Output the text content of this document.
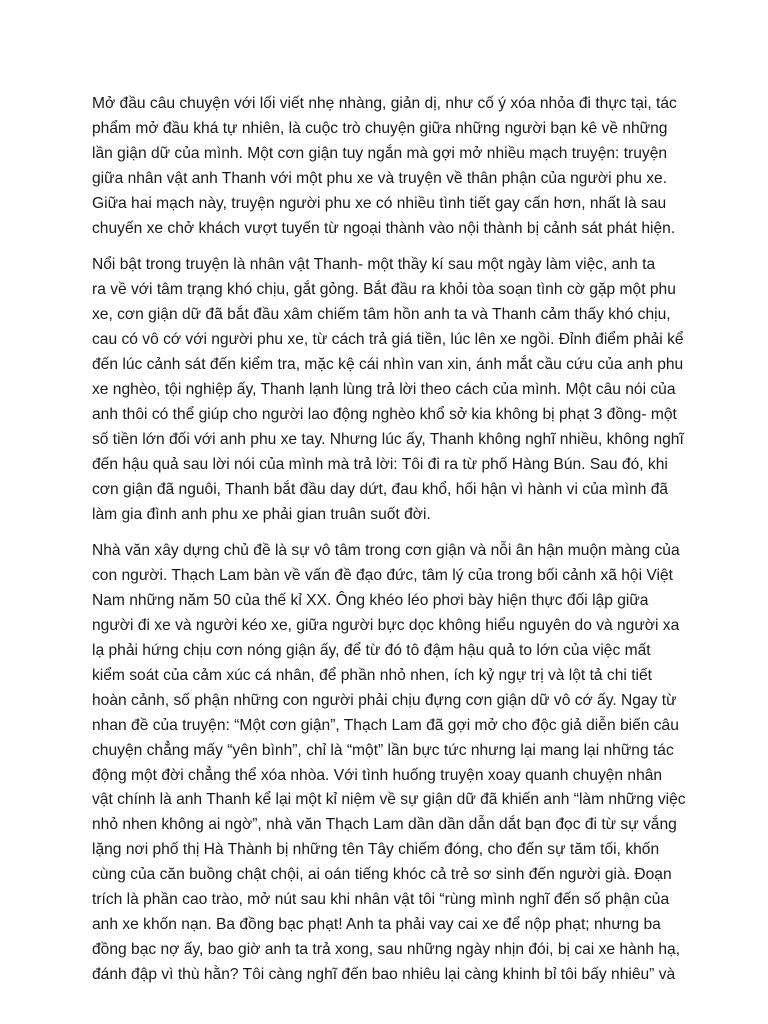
Mở đầu câu chuyện với lối viết nhẹ nhàng, giản dị, như cố ý xóa nhỏa đi thực tại, tác
phẩm mở đầu khá tự nhiên, là cuộc trò chuyện giữa những người bạn kê về những
lần giận dữ của mình. Một cơn giận tuy ngắn mà gợi mở nhiều mạch truyện: truyện
giữa nhân vật anh Thanh với một phu xe và truyện về thân phận của người phu xe.
Giữa hai mạch này, truyện người phu xe có nhiều tình tiết gay cấn hơn, nhất là sau
chuyến xe chở khách vượt tuyến từ ngoại thành vào nội thành bị cảnh sát phát hiện.

Nổi bật trong truyện là nhân vật Thanh- một thầy kí sau một ngày làm việc, anh ta
ra về với tâm trạng khó chịu, gắt gỏng. Bắt đầu ra khỏi tòa soạn tình cờ gặp một phu
xe, cơn giận dữ đã bắt đầu xâm chiếm tâm hồn anh ta và Thanh cảm thấy khó chịu,
cau có vô cớ với người phu xe, từ cách trả giá tiền, lúc lên xe ngồi. Đỉnh điểm phải kể
đến lúc cảnh sát đến kiểm tra, mặc kệ cái nhìn van xin, ánh mắt cầu cứu của anh phu
xe nghèo, tội nghiệp ấy, Thanh lạnh lùng trả lời theo cách của mình. Một câu nói của
anh thôi có thể giúp cho người lao động nghèo khổ sở kia không bị phạt 3 đồng- một
số tiền lớn đối với anh phu xe tay. Nhưng lúc ấy, Thanh không nghĩ nhiều, không nghĩ
đến hậu quả sau lời nói của mình mà trả lời: Tôi đi ra từ phố Hàng Bún. Sau đó, khi
cơn giận đã nguôi, Thanh bắt đầu day dứt, đau khổ, hối hận vì hành vi của mình đã
làm gia đình anh phu xe phải gian truân suốt đời.

Nhà văn xây dựng chủ đề là sự vô tâm trong cơn giận và nỗi ân hận muộn màng của
con người. Thạch Lam bàn về vấn đề đạo đức, tâm lý của trong bối cảnh xã hội Việt
Nam những năm 50 của thế kỉ XX. Ông khéo léo phơi bày hiện thực đối lập giữa
người đi xe và người kéo xe, giữa người bực dọc không hiểu nguyên do và người xa
lạ phải hứng chịu cơn nóng giận ấy, để từ đó tô đậm hậu quả to lớn của việc mất
kiểm soát của cảm xúc cá nhân, để phần nhỏ nhen, ích kỷ ngự trị và lột tả chi tiết
hoàn cảnh, số phận những con người phải chịu đựng cơn giận dữ vô cớ ấy. Ngay từ
nhan đề của truyện: “Một cơn giận”, Thạch Lam đã gợi mở cho độc giả diễn biến câu
chuyện chẳng mấy “yên bình”, chỉ là “một” lần bực tức nhưng lại mang lại những tác
động một đời chẳng thể xóa nhòa. Với tình huống truyện xoay quanh chuyện nhân
vật chính là anh Thanh kể lại một kỉ niệm về sự giận dữ đã khiến anh “làm những việc
nhỏ nhen không ai ngờ”, nhà văn Thạch Lam dần dần dẫn dắt bạn đọc đi từ sự vắng
lặng nơi phố thị Hà Thành bị những tên Tây chiếm đóng, cho đến sự tăm tối, khốn
cùng của căn buồng chật chội, ai oán tiếng khóc cả trẻ sơ sinh đến người già. Đoạn
trích là phần cao trào, mở nút sau khi nhân vật tôi “rùng mình nghĩ đến số phận của
anh xe khốn nạn. Ba đồng bạc phạt! Anh ta phải vay cai xe để nộp phạt; nhưng ba
đồng bạc nợ ấy, bao giờ anh ta trả xong, sau những ngày nhịn đói, bị cai xe hành hạ,
đánh đập vì thù hằn? Tôi càng nghĩ đến bao nhiêu lại càng khinh bỉ tôi bấy nhiêu” và
